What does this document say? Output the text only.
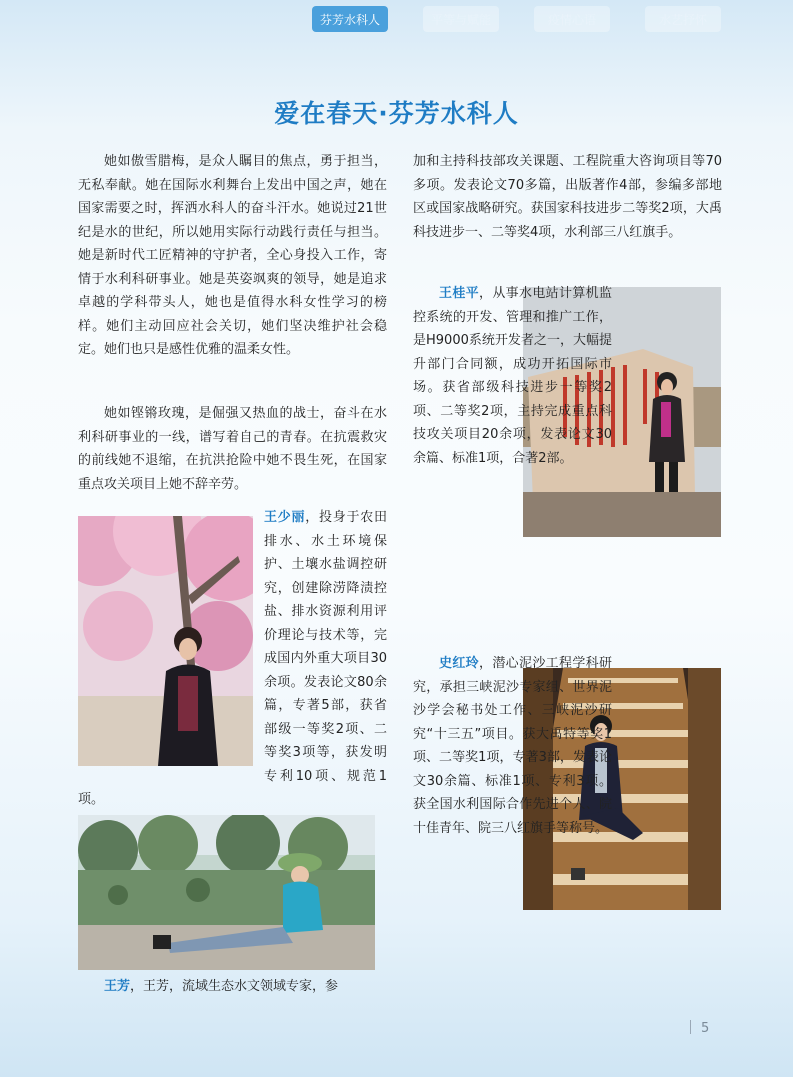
芬芳水科人	平等与赋能	疫情心语	水艺抒怀
爱在春天·芬芳水科人
她如傲雪腊梅，是众人瞩目的焦点，勇于担当，无私奉献。她在国际水利舞台上发出中国之声，她在国家需要之时，挥洒水科人的奋斗汗水。她说过21世纪是水的世纪，所以她用实际行动践行责任与担当。她是新时代工匠精神的守护者，全心身投入工作，寄情于水利科研事业。她是英姿飒爽的领导，她是追求卓越的学科带头人，她也是值得水科女性学习的榜样。她们主动回应社会关切，她们坚决维护社会稳定。她们也只是感性优雅的温柔女性。
她如铿锵玫瑰，是倔强又热血的战士，奋斗在水利科研事业的一线，谱写着自己的青春。在抗震救灾的前线她不退缩，在抗洪抢险中她不畏生死，在国家重点攻关项目上她不辞辛劳。
王少丽，投身于农田排水、水土环境保护、土壤水盐调控研究，创建除涝降渍控盐、排水资源利用评价理论与技术等，完成国内外重大项目30余项。发表论文80余篇，专著5部，获省部级一等奖2项、二等奖3项等，获发明专利10项、规范1项。
王芳，王芳，流域生态水文领域专家，参
加和主持科技部攻关课题、工程院重大咨询项目等70多项。发表论文70多篇，出版著作4部，参编多部地区或国家战略研究。获国家科技进步二等奖2项，大禹科技进步一、二等奖4项，水利部三八红旗手。
王桂平，从事水电站计算机监控系统的开发、管理和推广工作，是H9000系统开发者之一，大幅提升部门合同额，成功开拓国际市场。获省部级科技进步一等奖2项、二等奖2项，主持完成重点科技攻关项目20余项，发表论文30余篇、标准1项，合著2部。
史红玲，潜心泥沙工程学科研究，承担三峡泥沙专家组、世界泥沙学会秘书处工作、三峡泥沙研究“十三五”项目。获大禹特等奖1项、二等奖1项，专著3部，发表论文30余篇、标准1项、专利3项。获全国水利国际合作先进个人、院十佳青年、院三八红旗手等称号。
5
